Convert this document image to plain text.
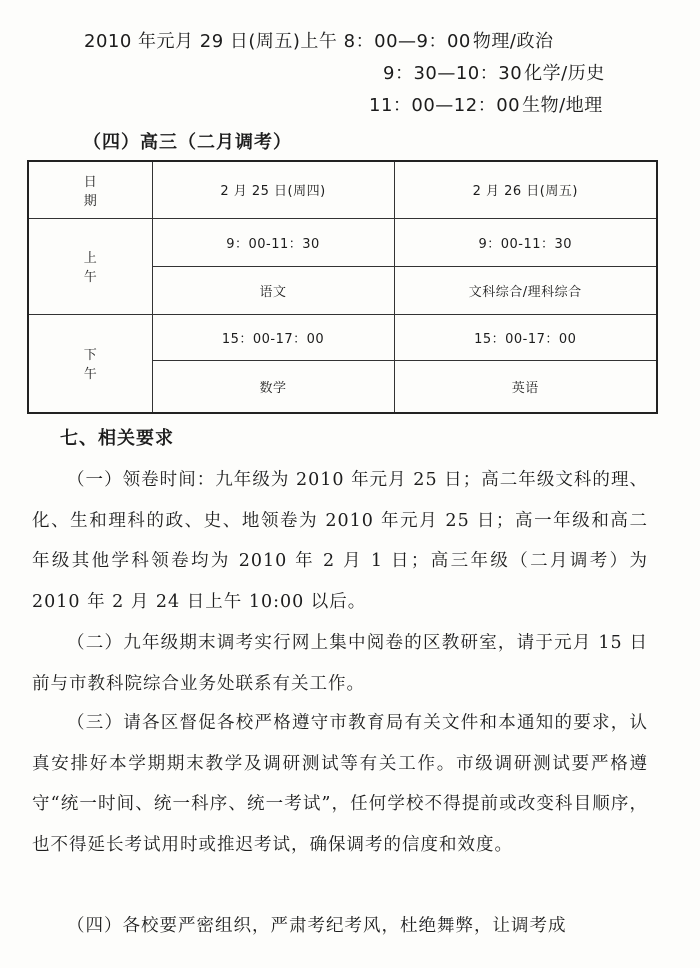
2010 年元月 29 日(周五)上午 8：00—9：00 物理/政治
9：30—10：30 化学/历史
11：00—12：00 生物/地理
（四）高三（二月调考）
日　期	2 月 25 日(周四)	2 月 26 日(周五)
上　午	9：00-11：30	9：00-11：30
	语文	文科综合/理科综合
下　午	15：00-17：00	15：00-17：00
	数学	英语
七、相关要求
（一）领卷时间：九年级为 2010 年元月 25 日；高二年级文科的理、化、生和理科的政、史、地领卷为 2010 年元月 25 日；高一年级和高二年级其他学科领卷均为 2010 年 2 月 1 日；高三年级（二月调考）为 2010 年 2 月 24 日上午 10:00 以后。
（二）九年级期末调考实行网上集中阅卷的区教研室，请于元月 15 日前与市教科院综合业务处联系有关工作。
（三）请各区督促各校严格遵守市教育局有关文件和本通知的要求，认真安排好本学期期末教学及调研测试等有关工作。市级调研测试要严格遵守“统一时间、统一科序、统一考试”，任何学校不得提前或改变科目顺序，也不得延长考试用时或推迟考试，确保调考的信度和效度。
（四）各校要严密组织，严肃考纪考风，杜绝舞弊，让调考成
